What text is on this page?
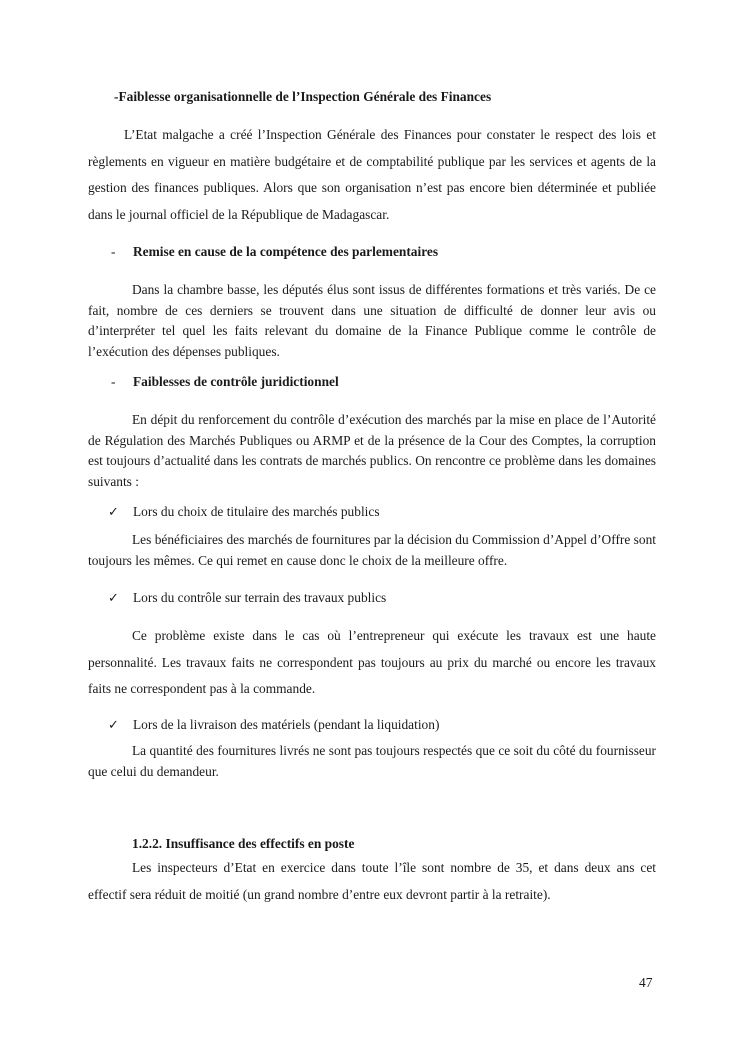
-Faiblesse organisationnelle de l’Inspection Générale des Finances

L’Etat malgache a créé l’Inspection Générale des Finances pour constater le respect des lois et règlements en vigueur en matière budgétaire et de comptabilité publique par les services et agents de la gestion des finances publiques. Alors que son organisation n’est pas encore bien déterminée et publiée dans le journal officiel de la République de Madagascar.

- Remise en cause de la compétence des parlementaires

Dans la chambre basse, les députés élus sont issus de différentes formations et très variés. De ce fait, nombre de ces derniers se trouvent dans une situation de difficulté de donner leur avis ou d’interpréter tel quel les faits relevant du domaine de la Finance Publique comme le contrôle de l’exécution des dépenses publiques.

- Faiblesses de contrôle juridictionnel

En dépit du renforcement du contrôle d’exécution des marchés par la mise en place de l’Autorité de Régulation des Marchés Publiques ou ARMP et de la présence de la Cour des Comptes, la corruption est toujours d’actualité dans les contrats de marchés publics. On rencontre ce problème dans les domaines suivants :

✓ Lors du choix de titulaire des marchés publics

Les bénéficiaires des marchés de fournitures par la décision du Commission d’Appel d’Offre sont toujours les mêmes. Ce qui remet en cause donc le choix de la meilleure offre.

✓ Lors du contrôle sur terrain des travaux publics

Ce problème existe dans le cas où l’entrepreneur qui exécute les travaux est une haute personnalité. Les travaux faits ne correspondent pas toujours au prix du marché ou encore les travaux faits ne correspondent pas à la commande.

✓ Lors de la livraison des matériels (pendant la liquidation)

La quantité des fournitures livrés ne sont pas toujours respectés que ce soit du côté du fournisseur que celui du demandeur.

1.2.2. Insuffisance des effectifs en poste

Les inspecteurs d’Etat en exercice dans toute l’île sont nombre de 35, et dans deux ans cet effectif sera réduit de moitié (un grand nombre d’entre eux devront partir à la retraite).

47
